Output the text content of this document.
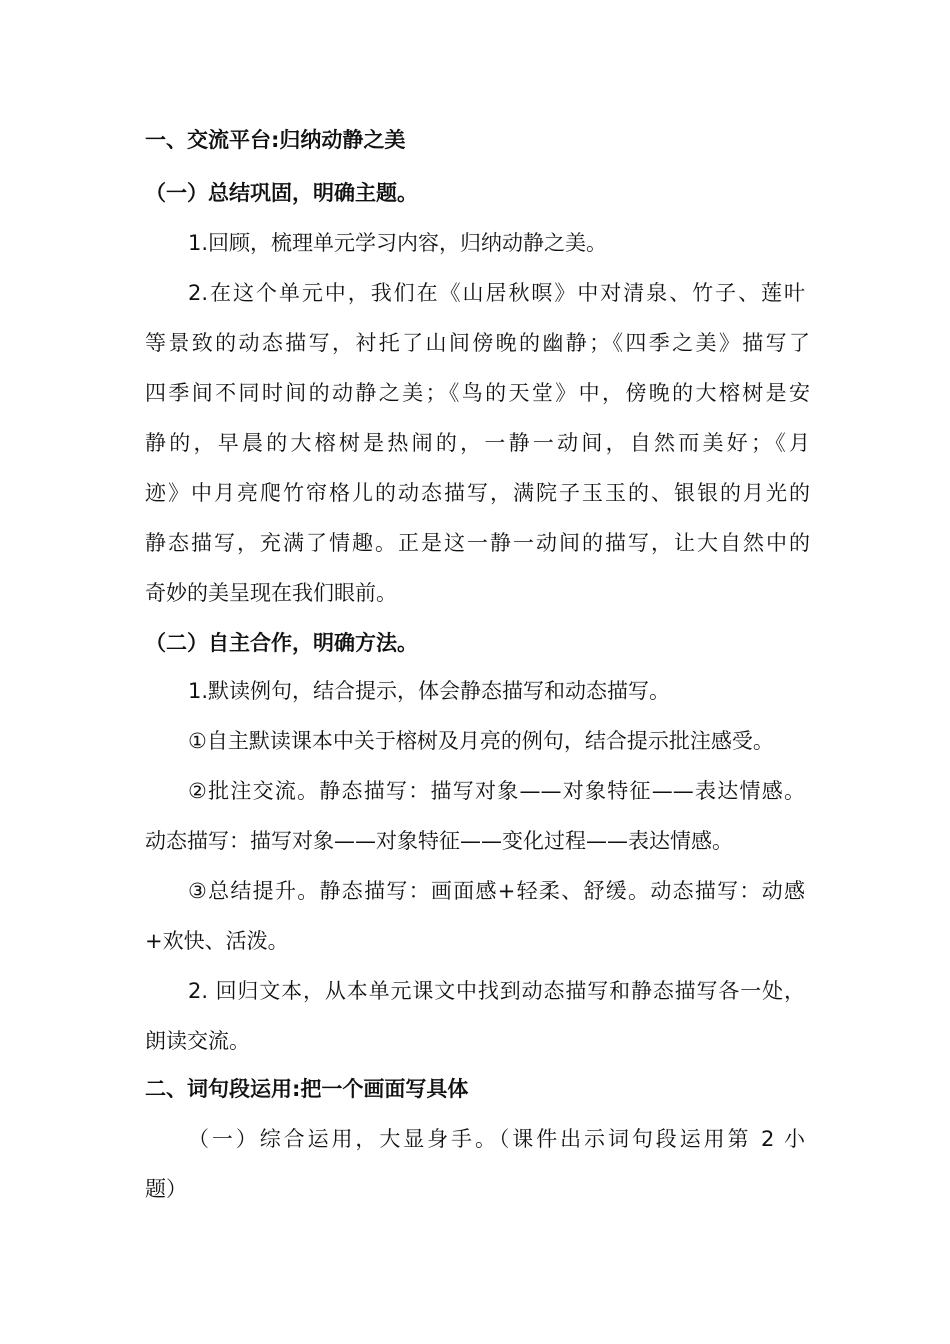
一、交流平台:归纳动静之美
（一）总结巩固，明确主题。
1.回顾，梳理单元学习内容，归纳动静之美。
2.在这个单元中，我们在《山居秋暝》中对清泉、竹子、莲叶
等景致的动态描写，衬托了山间傍晚的幽静；《四季之美》描写了
四季间不同时间的动静之美；《鸟的天堂》中，傍晚的大榕树是安
静的，早晨的大榕树是热闹的，一静一动间，自然而美好；《月
迹》中月亮爬竹帘格儿的动态描写，满院子玉玉的、银银的月光的
静态描写，充满了情趣。正是这一静一动间的描写，让大自然中的
奇妙的美呈现在我们眼前。
（二）自主合作，明确方法。
1.默读例句，结合提示，体会静态描写和动态描写。
①自主默读课本中关于榕树及月亮的例句，结合提示批注感受。
②批注交流。静态描写：描写对象——对象特征——表达情感。
动态描写：描写对象——对象特征——变化过程——表达情感。
③总结提升。静态描写：画面感+轻柔、舒缓。动态描写：动感
+欢快、活泼。
2. 回归文本，从本单元课文中找到动态描写和静态描写各一处，
朗读交流。
二、词句段运用:把一个画面写具体
（一）综合运用，大显身手。（课件出示词句段运用第 2 小
题）
